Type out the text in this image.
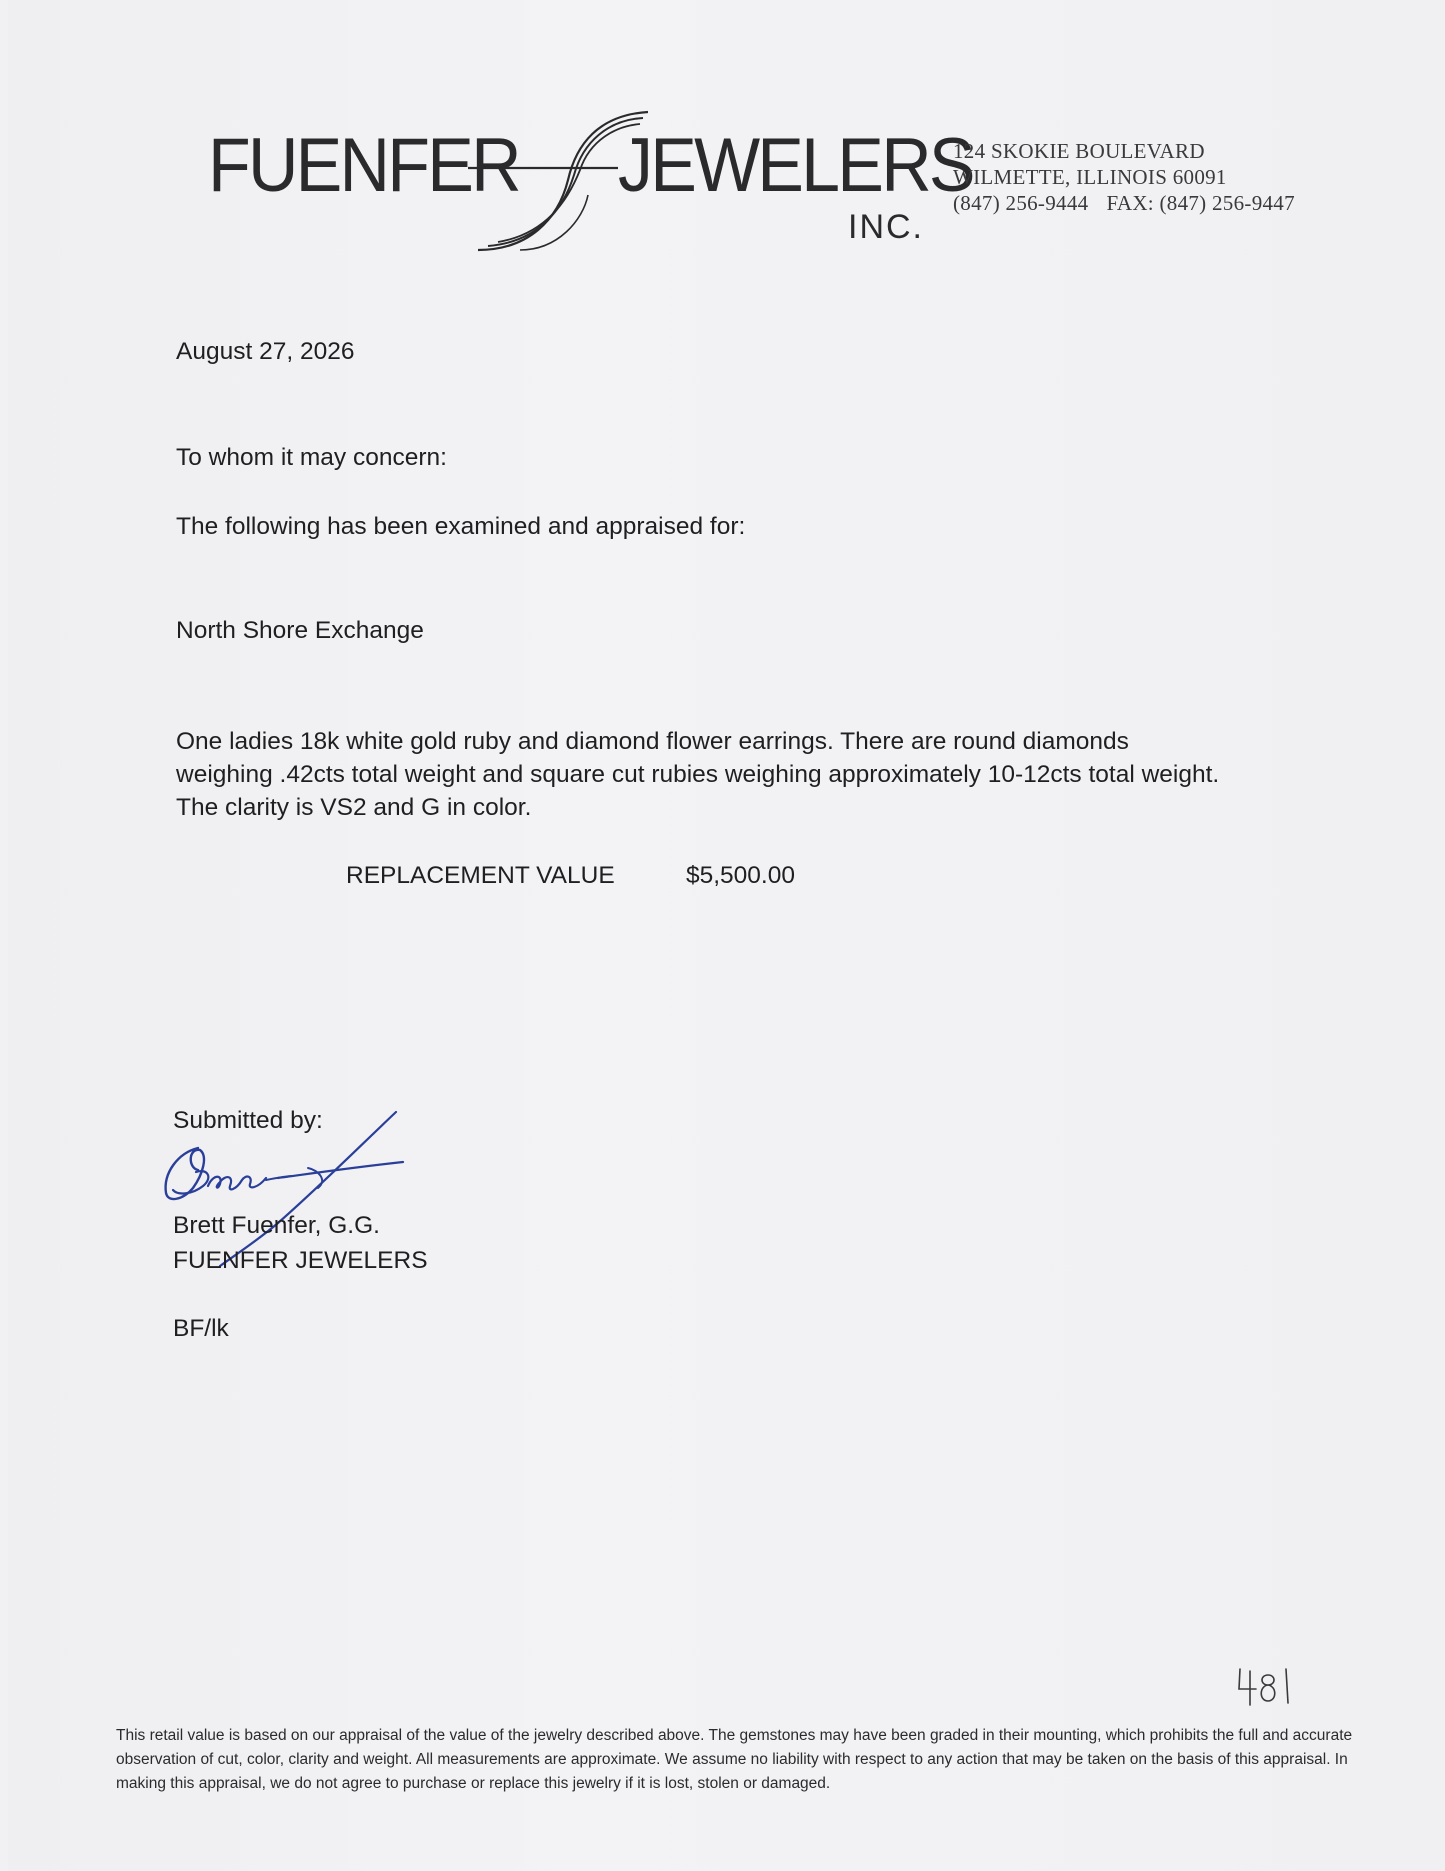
FUENFER JEWELERS
INC.
124 SKOKIE BOULEVARD
WILMETTE, ILLINOIS 60091
(847) 256-9444 FAX: (847) 256-9447
August 27, 2026
To whom it may concern:
The following has been examined and appraised for:
North Shore Exchange
One ladies 18k white gold ruby and diamond flower earrings. There are round diamonds weighing .42cts total weight and square cut rubies weighing approximately 10-12cts total weight. The clarity is VS2 and G in color.
REPLACEMENT VALUE	$5,500.00
Submitted by:
Brett Fuenfer, G.G.
FUENFER JEWELERS
BF/lk
This retail value is based on our appraisal of the value of the jewelry described above. The gemstones may have been graded in their mounting, which prohibits the full and accurate observation of cut, color, clarity and weight. All measurements are approximate. We assume no liability with respect to any action that may be taken on the basis of this appraisal. In making this appraisal, we do not agree to purchase or replace this jewelry if it is lost, stolen or damaged.
